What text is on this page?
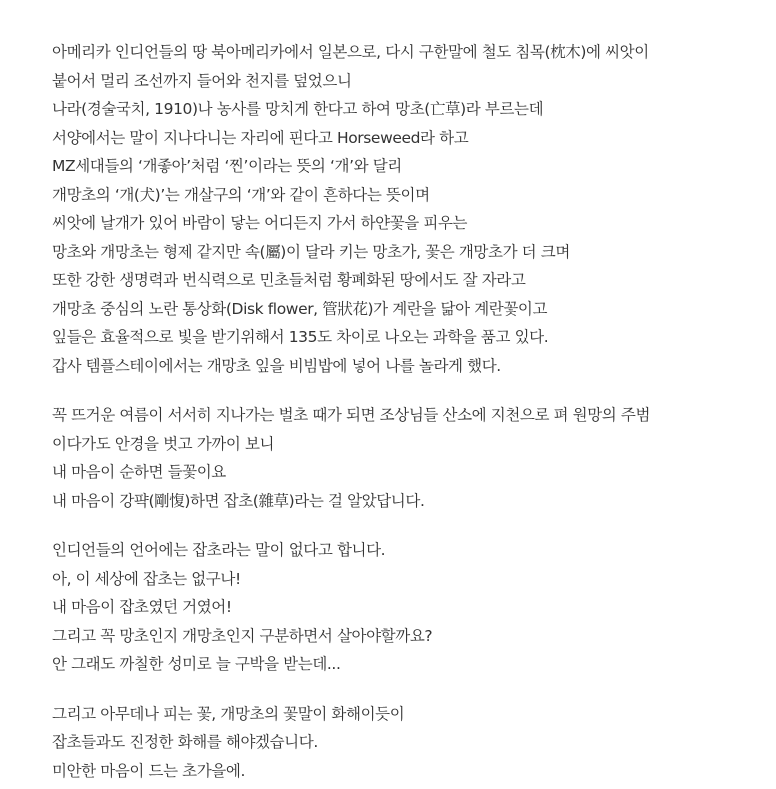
아메리카 인디언들의 땅 북아메리카에서 일본으로, 다시 구한말에 철도 침목(枕木)에 씨앗이
붙어서 멀리 조선까지 들어와 천지를 덮었으니
나라(경술국치, 1910)나 농사를 망치게 한다고 하여 망초(亡草)라 부르는데
서양에서는 말이 지나다니는 자리에 핀다고 Horseweed라 하고
MZ세대들의 ‘개좋아’처럼 ‘찐’이라는 뜻의 ‘개’와 달리
개망초의 ‘개(犬)’는 개살구의 ‘개’와 같이 흔하다는 뜻이며
씨앗에 날개가 있어 바람이 닿는 어디든지 가서 하얀꽃을 피우는
망초와 개망초는 형제 같지만 속(屬)이 달라 키는 망초가, 꽃은 개망초가 더 크며
또한 강한 생명력과 번식력으로 민초들처럼 황폐화된 땅에서도 잘 자라고
개망초 중심의 노란 통상화(Disk flower, 管狀花)가 계란을 닮아 계란꽃이고
잎들은 효율적으로 빛을 받기위해서 135도 차이로 나오는 과학을 품고 있다.
갑사 템플스테이에서는 개망초 잎을 비빔밥에 넣어 나를 놀라게 했다.
꼭 뜨거운 여름이 서서히 지나가는 벌초 때가 되면 조상님들 산소에 지천으로 펴 원망의 주범
이다가도 안경을 벗고 가까이 보니
내 마음이 순하면 들꽃이요
내 마음이 강퍅(剛愎)하면 잡초(雜草)라는 걸 알았답니다.
인디언들의 언어에는 잡초라는 말이 없다고 합니다.
아, 이 세상에 잡초는 없구나!
내 마음이 잡초였던 거였어!
그리고 꼭 망초인지 개망초인지 구분하면서 살아야할까요?
안 그래도 까칠한 성미로 늘 구박을 받는데...
그리고 아무데나 피는 꽃, 개망초의 꽃말이 화해이듯이
잡초들과도 진정한 화해를 해야겠습니다.
미안한 마음이 드는 초가을에.
